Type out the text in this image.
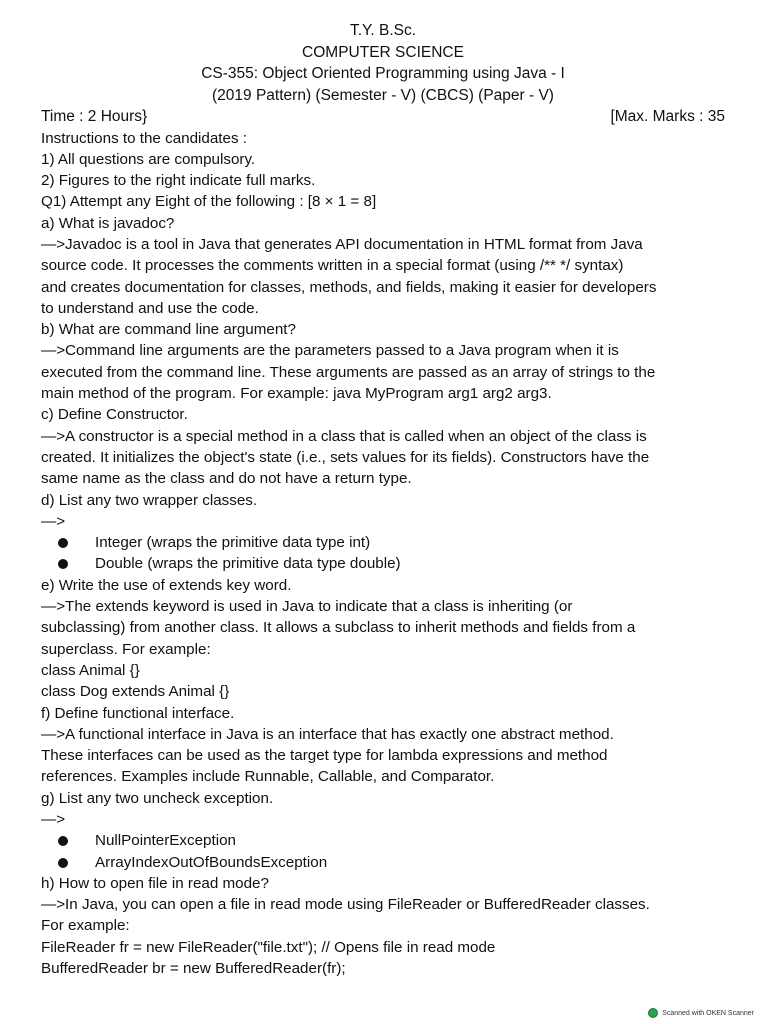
T.Y. B.Sc.
COMPUTER SCIENCE
CS-355: Object Oriented Programming using Java - I
(2019 Pattern) (Semester - V) (CBCS) (Paper - V)
Time : 2 Hours}	[Max. Marks : 35
Instructions to the candidates :
1) All questions are compulsory.
2) Figures to the right indicate full marks.
Q1) Attempt any Eight of the following : [8 × 1 = 8]
a) What is javadoc?
—>Javadoc is a tool in Java that generates API documentation in HTML format from Java
source code. It processes the comments written in a special format (using /** */ syntax)
and creates documentation for classes, methods, and fields, making it easier for developers
to understand and use the code.
b) What are command line argument?
—>Command line arguments are the parameters passed to a Java program when it is
executed from the command line. These arguments are passed as an array of strings to the
main method of the program. For example: java MyProgram arg1 arg2 arg3.
c) Define Constructor.
—>A constructor is a special method in a class that is called when an object of the class is
created. It initializes the object's state (i.e., sets values for its fields). Constructors have the
same name as the class and do not have a return type.
d) List any two wrapper classes.
—>
Integer (wraps the primitive data type int)
Double (wraps the primitive data type double)
e) Write the use of extends key word.
—>The extends keyword is used in Java to indicate that a class is inheriting (or
subclassing) from another class. It allows a subclass to inherit methods and fields from a
superclass. For example:
class Animal {}
class Dog extends Animal {}
f) Define functional interface.
—>A functional interface in Java is an interface that has exactly one abstract method.
These interfaces can be used as the target type for lambda expressions and method
references. Examples include Runnable, Callable, and Comparator.
g) List any two uncheck exception.
—>
NullPointerException
ArrayIndexOutOfBoundsException
h) How to open file in read mode?
—>In Java, you can open a file in read mode using FileReader or BufferedReader classes.
For example:
FileReader fr = new FileReader("file.txt"); // Opens file in read mode
BufferedReader br = new BufferedReader(fr);
Scanned with OKEN Scanner
